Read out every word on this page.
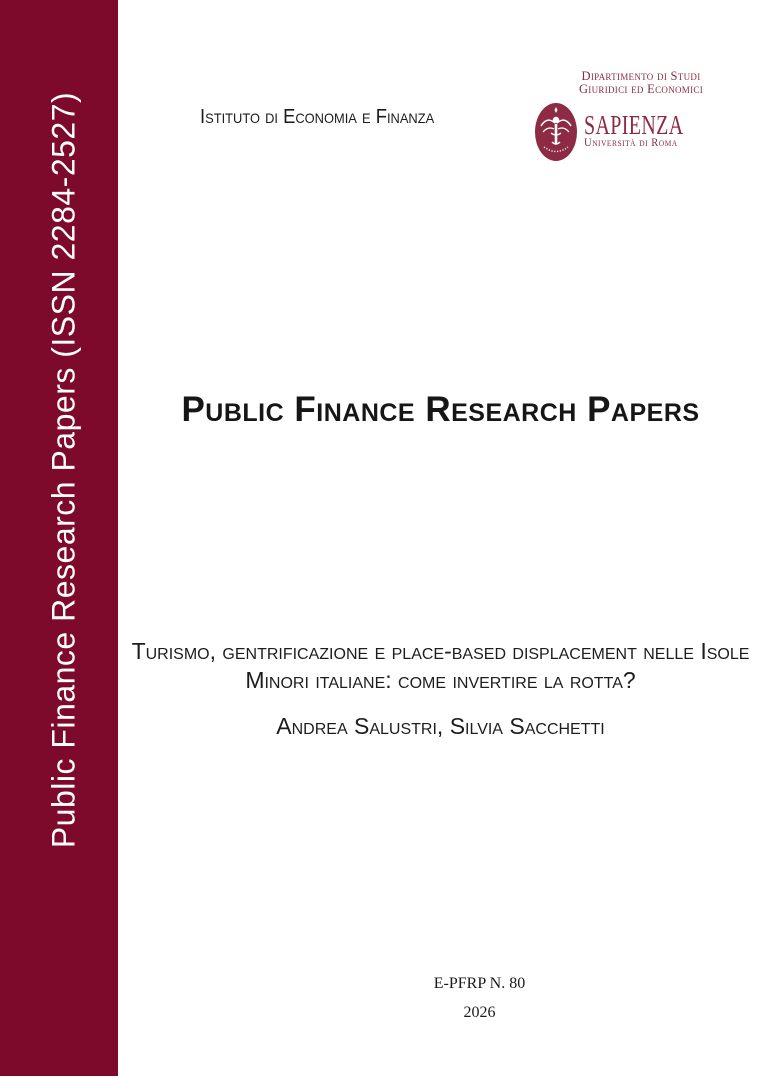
Public Finance Research Papers (ISSN 2284-2527)	Istituto di Economia e Finanza
Dipartimento di Studi
Giuridici ed Economici
SAPIENZA
Università di Roma
Public Finance Research Papers
Turismo, gentrificazione e place-based displacement nelle Isole
Minori italiane: come invertire la rotta?
Andrea Salustri, Silvia Sacchetti
E-PFRP N. 80
2026
